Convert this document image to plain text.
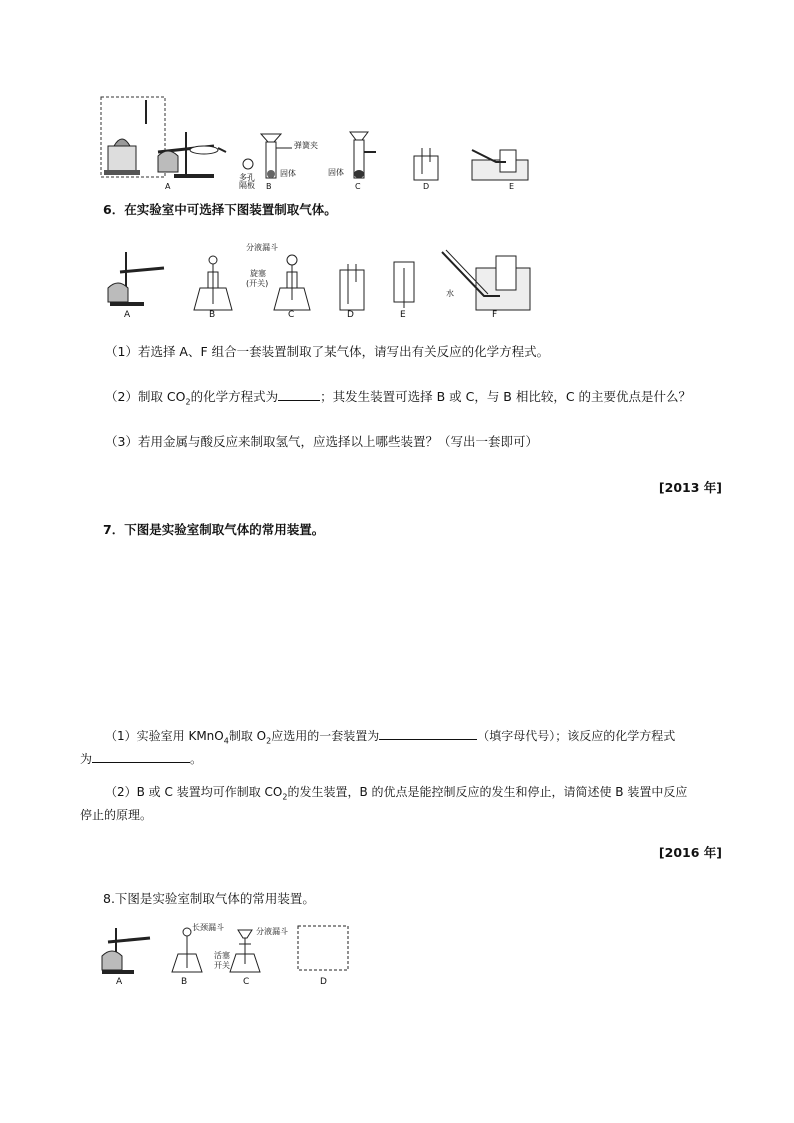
A	B	C	D	E
弹簧夹
固体
多孔
隔板
固体
6．在实验室中可选择下图装置制取气体。
A	B	C	D	E	F
分液漏斗
旋塞
(开关)
水
（1）若选择 A、F 组合一套装置制取了某气体，请写出有关反应的化学方程式。
（2）制取 $CO_2$的化学方程式为	；其发生装置可选择 B 或 C，与 B 相比较，C 的主要优点是什么？
（3）若用金属与酸反应来制取氢气，应选择以上哪些装置？（写出一套即可）
[2013 年]
7．下图是实验室制取气体的常用装置。
（1）实验室用 KMnO$_4$制取 $O_2$应选用的一套装置为	（填字母代号）；该反应的化学方程式
为	。
（2）B 或 C 装置均可作制取 $CO_2$的发生装置，B 的优点是能控制反应的发生和停止，请简述使 B 装置中反应
停止的原理。
[2016 年]
8.下图是实验室制取气体的常用装置。
A	B	C	D
长颈漏斗	分液漏斗
活塞
开关
